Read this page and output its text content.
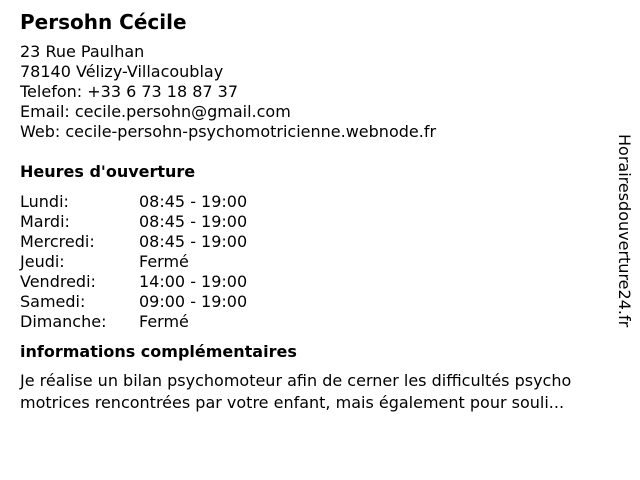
Persohn Cécile
23 Rue Paulhan
78140 Vélizy-Villacoublay
Telefon: +33 6 73 18 87 37
Email: cecile.persohn@gmail.com
Web: cecile-persohn-psychomotricienne.webnode.fr
Heures d'ouverture
Lundi:	08:45 - 19:00
Mardi:	08:45 - 19:00
Mercredi:	08:45 - 19:00
Jeudi:	Fermé
Vendredi:	14:00 - 19:00
Samedi:	09:00 - 19:00
Dimanche:	Fermé
informations complémentaires
Je réalise un bilan psychomoteur afin de cerner les difficultés psycho motrices rencontrées par votre enfant, mais également pour souli...
Horairesdouverture24.fr
